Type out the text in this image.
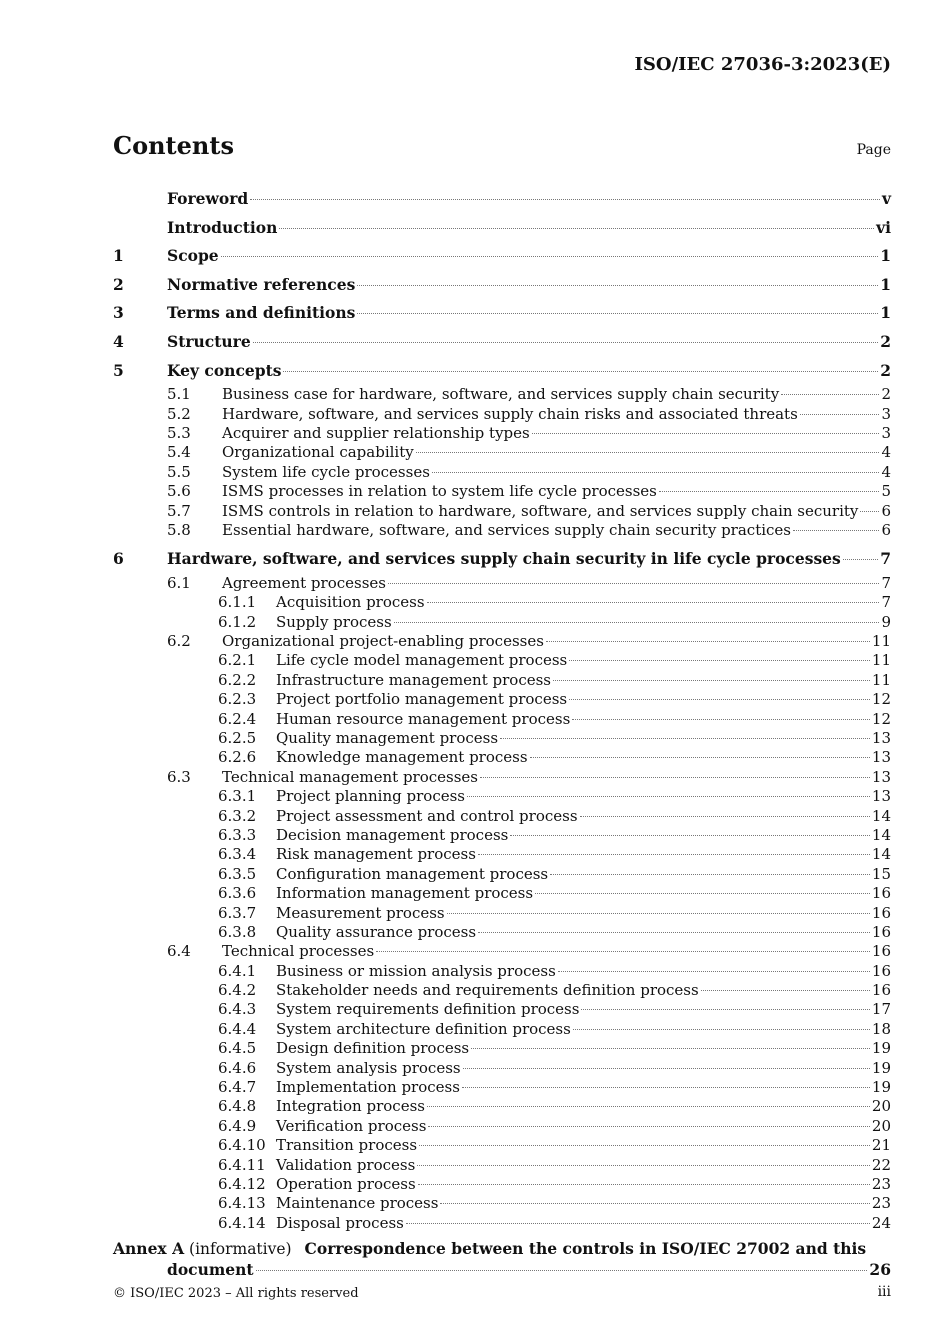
ISO/IEC 27036-3:2023(E)
Contents	Page
Foreword	v
Introduction	vi
1	Scope	1
2	Normative references	1
3	Terms and definitions	1
4	Structure	2
5	Key concepts	2
5.1	Business case for hardware, software, and services supply chain security	2
5.2	Hardware, software, and services supply chain risks and associated threats	3
5.3	Acquirer and supplier relationship types	3
5.4	Organizational capability	4
5.5	System life cycle processes	4
5.6	ISMS processes in relation to system life cycle processes	5
5.7	ISMS controls in relation to hardware, software, and services supply chain security 6
5.8	Essential hardware, software, and services supply chain security practices	6
6	Hardware, software, and services supply chain security in life cycle processes	7
6.1	Agreement processes	7
6.1.1	Acquisition process	7
6.1.2	Supply process	9
6.2	Organizational project-enabling processes	11
6.2.1	Life cycle model management process	11
6.2.2	Infrastructure management process	11
6.2.3	Project portfolio management process	12
6.2.4	Human resource management process	12
6.2.5	Quality management process	13
6.2.6	Knowledge management process	13
6.3	Technical management processes	13
6.3.1	Project planning process	13
6.3.2	Project assessment and control process	14
6.3.3	Decision management process	14
6.3.4	Risk management process	14
6.3.5	Configuration management process	15
6.3.6	Information management process	16
6.3.7	Measurement process	16
6.3.8	Quality assurance process	16
6.4	Technical processes	16
6.4.1	Business or mission analysis process	16
6.4.2	Stakeholder needs and requirements definition process	16
6.4.3	System requirements definition process	17
6.4.4	System architecture definition process	18
6.4.5	Design definition process	19
6.4.6	System analysis process	19
6.4.7	Implementation process	19
6.4.8	Integration process	20
6.4.9	Verification process	20
6.4.10 Transition process	21
6.4.11 Validation process	22
6.4.12 Operation process	23
6.4.13 Maintenance process	23
6.4.14 Disposal process	24
Annex A (informative) Correspondence between the controls in ISO/IEC 27002 and this
document	26
© ISO/IEC 2023 – All rights reserved	iii
